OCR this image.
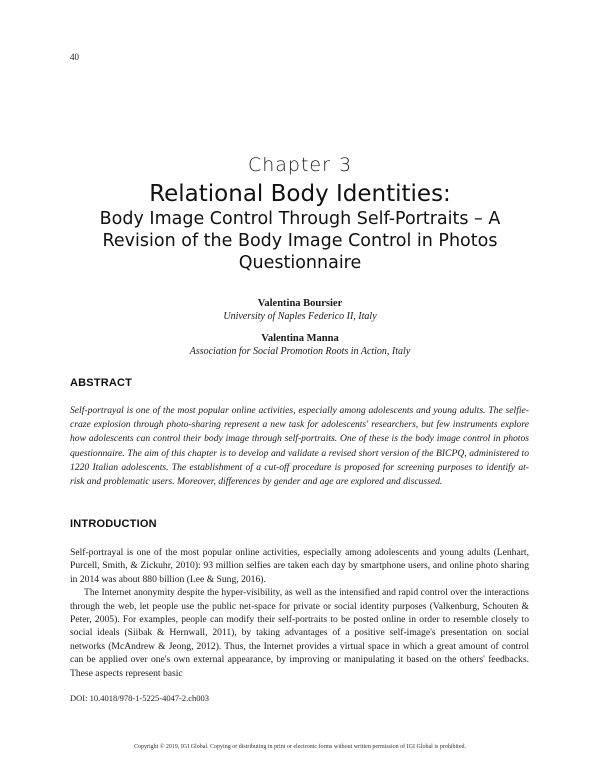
40
Chapter 3
Relational Body Identities:
Body Image Control Through Self-Portraits – A Revision of the Body Image Control in Photos Questionnaire
Valentina Boursier
University of Naples Federico II, Italy
Valentina Manna
Association for Social Promotion Roots in Action, Italy
ABSTRACT
Self-portrayal is one of the most popular online activities, especially among adolescents and young adults. The selfie-craze explosion through photo-sharing represent a new task for adolescents' researchers, but few instruments explore how adolescents can control their body image through self-portraits. One of these is the body image control in photos questionnaire. The aim of this chapter is to develop and validate a revised short version of the BICPQ, administered to 1220 Italian adolescents. The establishment of a cut-off procedure is proposed for screening purposes to identify at-risk and problematic users. Moreover, differences by gender and age are explored and discussed.
INTRODUCTION

Self-portrayal is one of the most popular online activities, especially among adolescents and young adults (Lenhart, Purcell, Smith, & Zickuhr, 2010): 93 million selfies are taken each day by smartphone users, and online photo sharing in 2014 was about 880 billion (Lee & Sung, 2016).

The Internet anonymity despite the hyper-visibility, as well as the intensified and rapid control over the interactions through the web, let people use the public net-space for private or social identity purposes (Valkenburg, Schouten & Peter, 2005). For examples, people can modify their self-portraits to be posted online in order to resemble closely to social ideals (Siibak & Hernwall, 2011), by taking advantages of a positive self-image's presentation on social networks (McAndrew & Jeong, 2012). Thus, the Internet provides a virtual space in which a great amount of control can be applied over one's own external appearance, by improving or manipulating it based on the others' feedbacks. These aspects represent basic

DOI: 10.4018/978-1-5225-4047-2.ch003
Copyright © 2019, IGI Global. Copying or distributing in print or electronic forms without written permission of IGI Global is prohibited.
